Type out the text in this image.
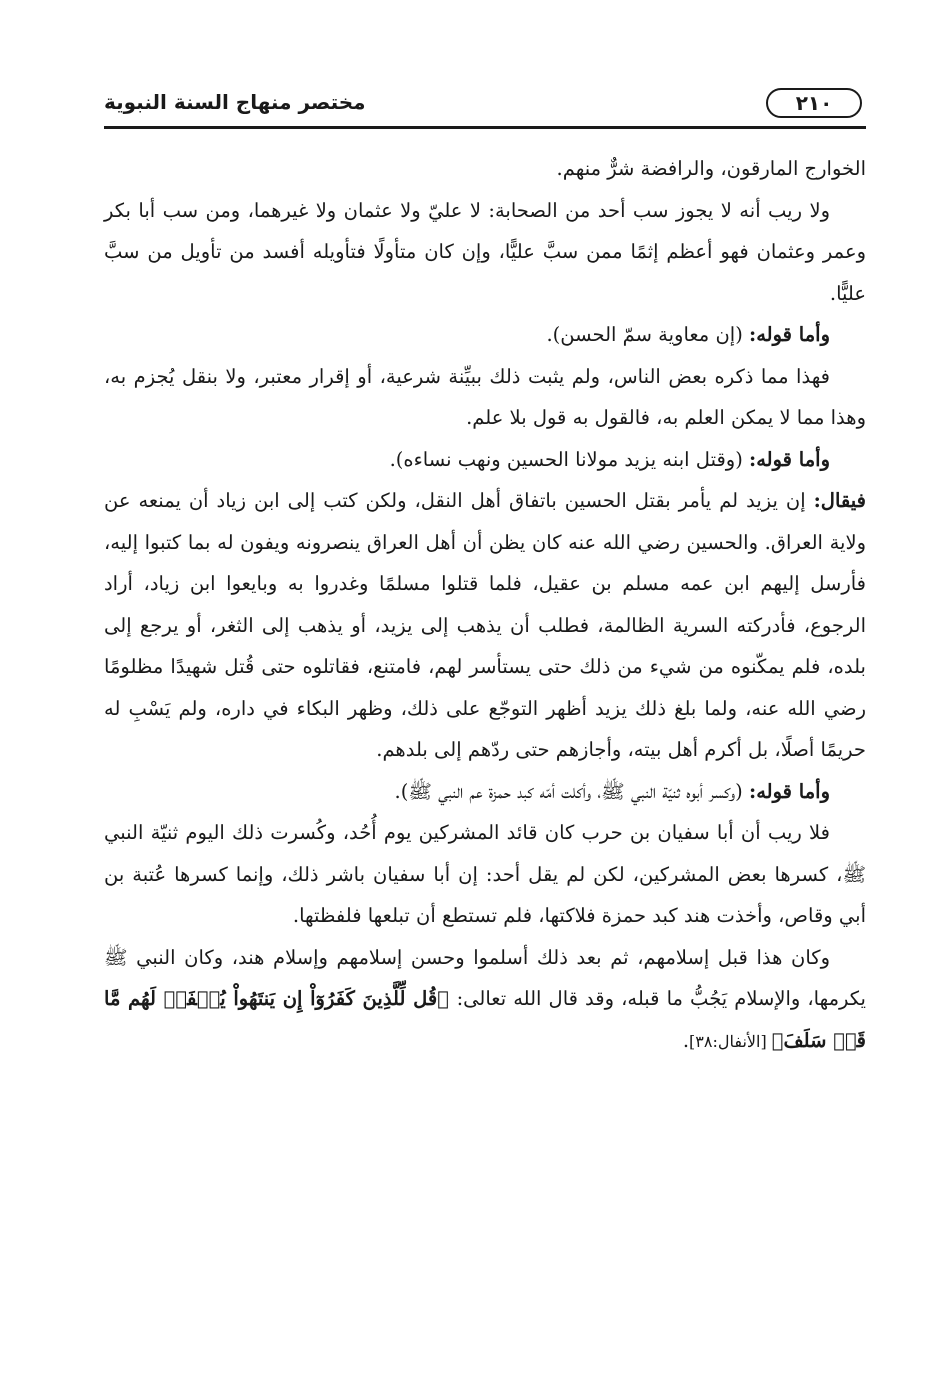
٢١٠
مختصر منهاج السنة النبوية

الخوارج المارقون، والرافضة شرٌّ منهم.

ولا ريب أنه لا يجوز سب أحد من الصحابة: لا عليّ ولا عثمان ولا غيرهما، ومن سب أبا بكر وعمر وعثمان فهو أعظم إثمًا ممن سبَّ عليًّا، وإن كان متأولًا فتأويله أفسد من تأويل من سبَّ عليًّا.

وأما قوله: (إن معاوية سمّ الحسن).

فهذا مما ذكره بعض الناس، ولم يثبت ذلك ببيِّنة شرعية، أو إقرار معتبر، ولا بنقل يُجزم به، وهذا مما لا يمكن العلم به، فالقول به قول بلا علم.

وأما قوله: (وقتل ابنه يزيد مولانا الحسين ونهب نساءه).

فيقال: إن يزيد لم يأمر بقتل الحسين باتفاق أهل النقل، ولكن كتب إلى ابن زياد أن يمنعه عن ولاية العراق. والحسين رضي الله عنه كان يظن أن أهل العراق ينصرونه ويفون له بما كتبوا إليه، فأرسل إليهم ابن عمه مسلم بن عقيل، فلما قتلوا مسلمًا وغدروا به وبايعوا ابن زياد، أراد الرجوع، فأدركته السرية الظالمة، فطلب أن يذهب إلى يزيد، أو يذهب إلى الثغر، أو يرجع إلى بلده، فلم يمكّنوه من شيء من ذلك حتى يستأسر لهم، فامتنع، فقاتلوه حتى قُتل شهيدًا مظلومًا رضي الله عنه، ولما بلغ ذلك يزيد أظهر التوجّع على ذلك، وظهر البكاء في داره، ولم يَسْبِ له حريمًا أصلًا، بل أكرم أهل بيته، وأجازهم حتى ردّهم إلى بلدهم.

وأما قوله: (وكسر أبوه ثنيّة النبي ﷺ، وأكلت أمّه كبد حمزة عم النبي ﷺ).

فلا ريب أن أبا سفيان بن حرب كان قائد المشركين يوم أُحُد، وكُسرت ذلك اليوم ثنيّة النبي ﷺ، كسرها بعض المشركين، لكن لم يقل أحد: إن أبا سفيان باشر ذلك، وإنما كسرها عُتبة بن أبي وقاص، وأخذت هند كبد حمزة فلاكتها، فلم تستطع أن تبلعها فلفظتها.

وكان هذا قبل إسلامهم، ثم بعد ذلك أسلموا وحسن إسلامهم وإسلام هند، وكان النبي ﷺ يكرمها، والإسلام يَجُبُّ ما قبله، وقد قال الله تعالى: ﴿قُل لِّلَّذِينَ كَفَرُوٓاْ إِن يَنتَهُواْ يُغۡفَرۡ لَهُم مَّا قَدۡ سَلَفَ﴾ [الأنفال:٣٨].
